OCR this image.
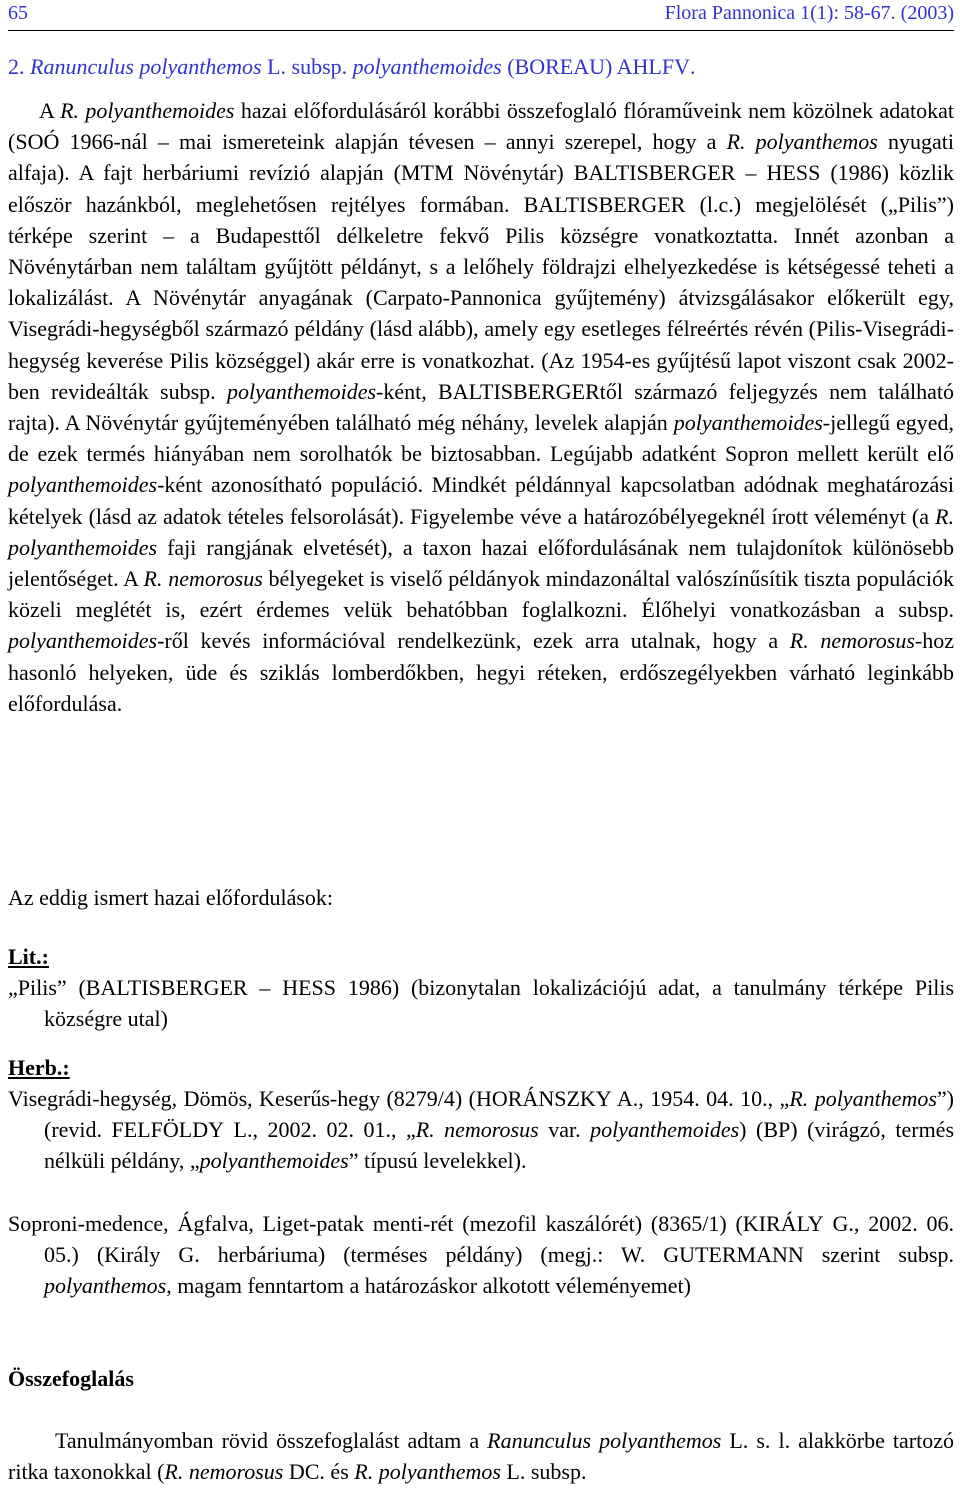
65	Flora Pannonica 1(1): 58-67. (2003)
2. Ranunculus polyanthemos L. subsp. polyanthemoides (BOREAU) AHLFV.

A R. polyanthemoides hazai előfordulásáról korábbi összefoglaló flóraműveink nem közölnek adatokat (SOÓ 1966-nál – mai ismereteink alapján tévesen – annyi szerepel, hogy a R. polyanthemos nyugati alfaja). A fajt herbáriumi revízió alapján (MTM Növénytár) BALTISBERGER – HESS (1986) közlik először hazánkból, meglehetősen rejtélyes formában. BALTISBERGER (l.c.) megjelölését („Pilis”) térképe szerint – a Budapesttől délkeletre fekvő Pilis községre vonatkoztatta. Innét azonban a Növénytárban nem találtam gyűjtött példányt, s a lelőhely földrajzi elhelyezkedése is kétségessé teheti a lokalizálást. A Növénytár anyagának (Carpato-Pannonica gyűjtemény) átvizsgálásakor előkerült egy, Visegrádi-hegységből származó példány (lásd alább), amely egy esetleges félreértés révén (Pilis-Visegrádi-hegység keverése Pilis községgel) akár erre is vonatkozhat. (Az 1954-es gyűjtésű lapot viszont csak 2002-ben revideálták subsp. polyanthemoides-ként, BALTISBERGERtől származó feljegyzés nem található rajta). A Növénytár gyűjteményében található még néhány, levelek alapján polyanthemoides-jellegű egyed, de ezek termés hiányában nem sorolhatók be biztosabban. Legújabb adatként Sopron mellett került elő polyanthemoides-ként azonosítható populáció. Mindkét példánnyal kapcsolatban adódnak meghatározási kételyek (lásd az adatok tételes felsorolását). Figyelembe véve a határozóbélyegeknél írott véleményt (a R. polyanthemoides faji rangjának elvetését), a taxon hazai előfordulásának nem tulajdonítok különösebb jelentőséget. A R. nemorosus bélyegeket is viselő példányok mindazonáltal valószínűsítik tiszta populációk közeli meglétét is, ezért érdemes velük behatóbban foglalkozni. Élőhelyi vonatkozásban a subsp. polyanthemoides-ről kevés információval rendelkezünk, ezek arra utalnak, hogy a R. nemorosus-hoz hasonló helyeken, üde és sziklás lomberdőkben, hegyi réteken, erdőszegélyekben várható leginkább előfordulása.

Az eddig ismert hazai előfordulások:
Lit.:
„Pilis” (BALTISBERGER – HESS 1986) (bizonytalan lokalizációjú adat, a tanulmány térképe Pilis községre utal)
Herb.:
Visegrádi-hegység, Dömös, Keserűs-hegy (8279/4) (HORÁNSZKY A., 1954. 04. 10., „R. polyanthemos”) (revid. FELFÖLDY L., 2002. 02. 01., „R. nemorosus var. polyanthemoides) (BP) (virágzó, termés nélküli példány, „polyanthemoides” típusú levelekkel).
Soproni-medence, Ágfalva, Liget-patak menti-rét (mezofil kaszálórét) (8365/1) (KIRÁLY G., 2002. 06. 05.) (Király G. herbáriuma) (terméses példány) (megj.: W. GUTERMANN szerint subsp. polyanthemos, magam fenntartom a határozáskor alkotott véleményemet)
Összefoglalás

Tanulmányomban rövid összefoglalást adtam a Ranunculus polyanthemos L. s. l. alakkörbe tartozó ritka taxonokkal (R. nemorosus DC. és R. polyanthemos L. subsp.
